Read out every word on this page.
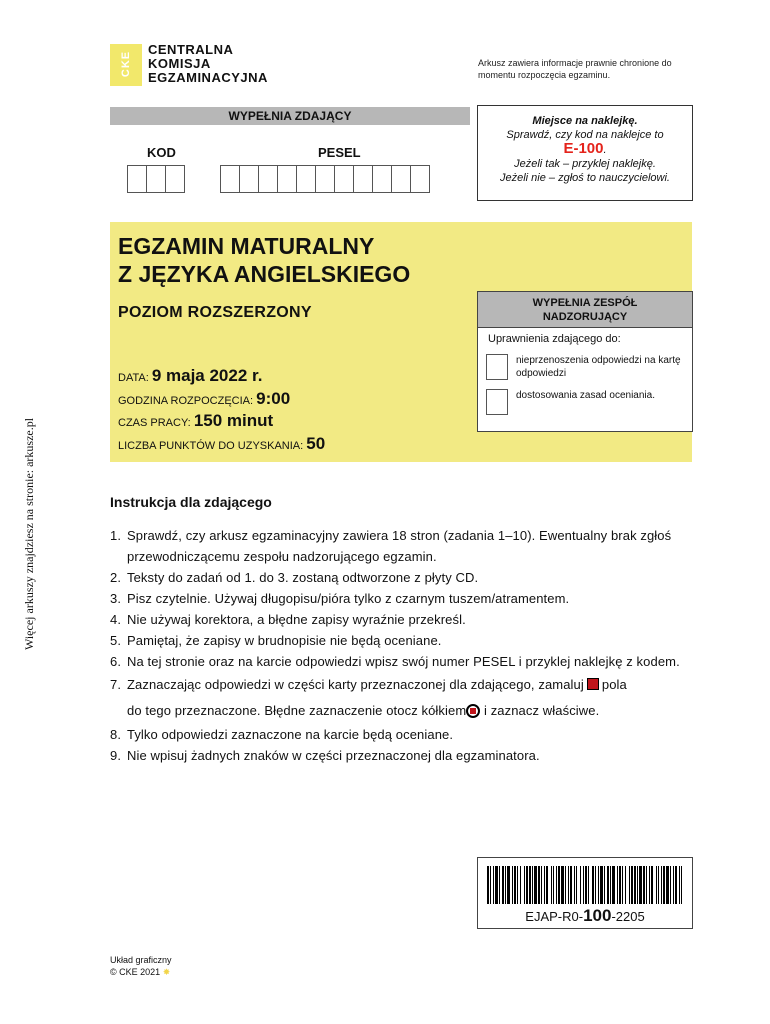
CKE
CENTRALNA
KOMISJA
EGZAMINACYJNA
Arkusz zawiera informacje prawnie chronione do momentu rozpoczęcia egzaminu.
WYPEŁNIA ZDAJĄCY
KOD	PESEL
Miejsce na naklejkę.
Sprawdź, czy kod na naklejce to
E-100.
Jeżeli tak – przyklej naklejkę.
Jeżeli nie – zgłoś to nauczycielowi.
EGZAMIN MATURALNY
Z JĘZYKA ANGIELSKIEGO
POZIOM ROZSZERZONY
DATA: 9 maja 2022 r.
GODZINA ROZPOCZĘCIA: 9:00
CZAS PRACY: 150 minut
LICZBA PUNKTÓW DO UZYSKANIA: 50
WYPEŁNIA ZESPÓŁ
NADZORUJĄCY
Uprawnienia zdającego do:
nieprzenoszenia odpowiedzi na kartę odpowiedzi
dostosowania zasad oceniania.
Więcej arkuszy znajdziesz na stronie: arkusze.pl	Instrukcja dla zdającego
1. Sprawdź, czy arkusz egzaminacyjny zawiera 18 stron (zadania 1–10). Ewentualny brak zgłoś przewodniczącemu zespołu nadzorującego egzamin.
2. Teksty do zadań od 1. do 3. zostaną odtworzone z płyty CD.
3. Pisz czytelnie. Używaj długopisu/pióra tylko z czarnym tuszem/atramentem.
4. Nie używaj korektora, a błędne zapisy wyraźnie przekreśl.
5. Pamiętaj, że zapisy w brudnopisie nie będą oceniane.
6. Na tej stronie oraz na karcie odpowiedzi wpisz swój numer PESEL i przyklej naklejkę z kodem.
7. Zaznaczając odpowiedzi w części karty przeznaczonej dla zdającego, zamaluj pola
do tego przeznaczone. Błędne zaznaczenie otocz kółkiem i zaznacz właściwe.
8. Tylko odpowiedzi zaznaczone na karcie będą oceniane.
9. Nie wpisuj żadnych znaków w części przeznaczonej dla egzaminatora.
EJAP-R0-100-2205
Układ graficzny
© CKE 2021 ✸
